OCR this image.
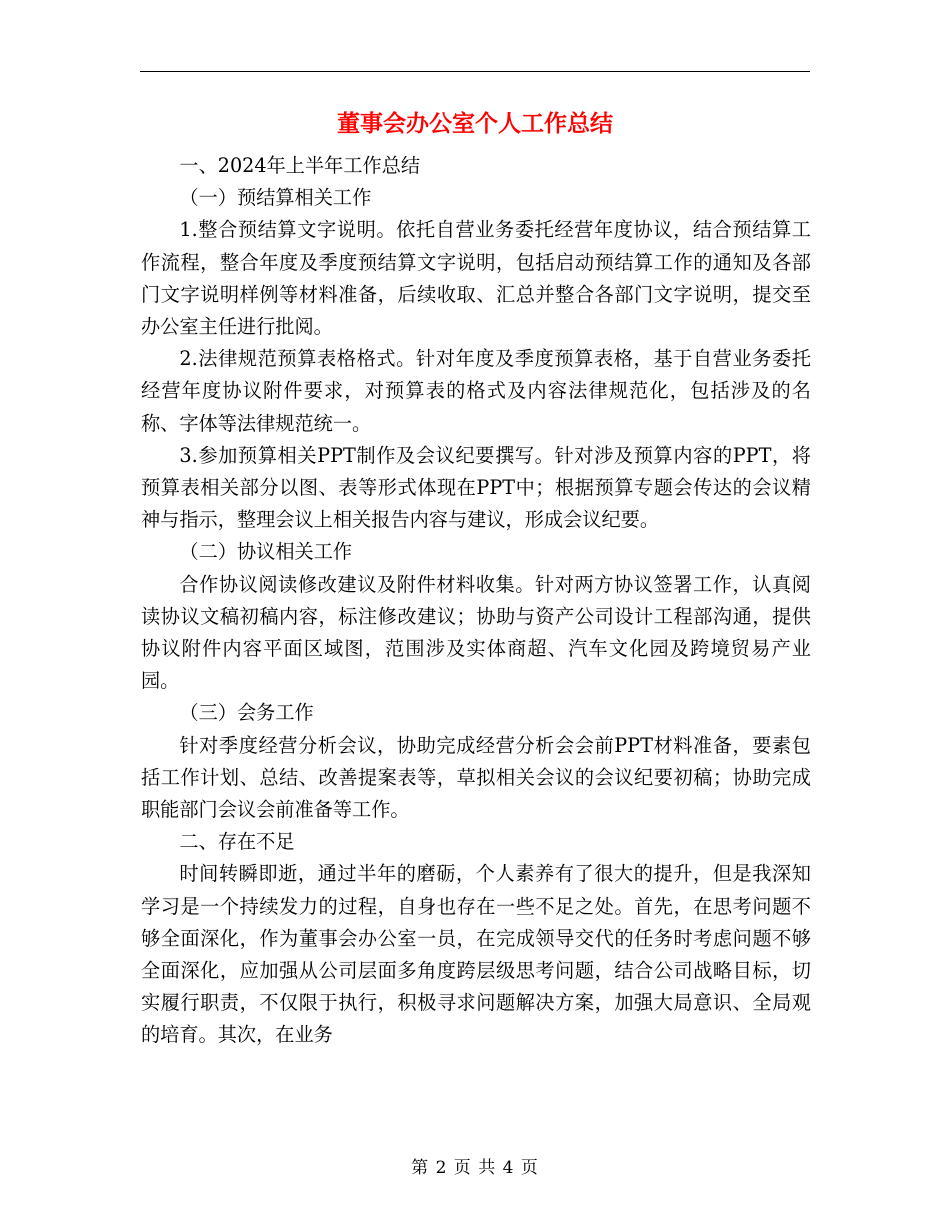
董事会办公室个人工作总结

一、2024年上半年工作总结

（一）预结算相关工作

1.整合预结算文字说明。依托自营业务委托经营年度协议，结合预结算工作流程，整合年度及季度预结算文字说明，包括启动预结算工作的通知及各部门文字说明样例等材料准备，后续收取、汇总并整合各部门文字说明，提交至办公室主任进行批阅。

2.法律规范预算表格格式。针对年度及季度预算表格，基于自营业务委托经营年度协议附件要求，对预算表的格式及内容法律规范化，包括涉及的名称、字体等法律规范统一。

3.参加预算相关PPT制作及会议纪要撰写。针对涉及预算内容的PPT，将预算表相关部分以图、表等形式体现在PPT中；根据预算专题会传达的会议精神与指示，整理会议上相关报告内容与建议，形成会议纪要。

（二）协议相关工作

合作协议阅读修改建议及附件材料收集。针对两方协议签署工作，认真阅读协议文稿初稿内容，标注修改建议；协助与资产公司设计工程部沟通，提供协议附件内容平面区域图，范围涉及实体商超、汽车文化园及跨境贸易产业园。

（三）会务工作

针对季度经营分析会议，协助完成经营分析会会前PPT材料准备，要素包括工作计划、总结、改善提案表等，草拟相关会议的会议纪要初稿；协助完成职能部门会议会前准备等工作。

二、存在不足

时间转瞬即逝，通过半年的磨砺，个人素养有了很大的提升，但是我深知学习是一个持续发力的过程，自身也存在一些不足之处。首先，在思考问题不够全面深化，作为董事会办公室一员，在完成领导交代的任务时考虑问题不够全面深化，应加强从公司层面多角度跨层级思考问题，结合公司战略目标，切实履行职责，不仅限于执行，积极寻求问题解决方案，加强大局意识、全局观的培育。其次，在业务

第 2 页 共 4 页
